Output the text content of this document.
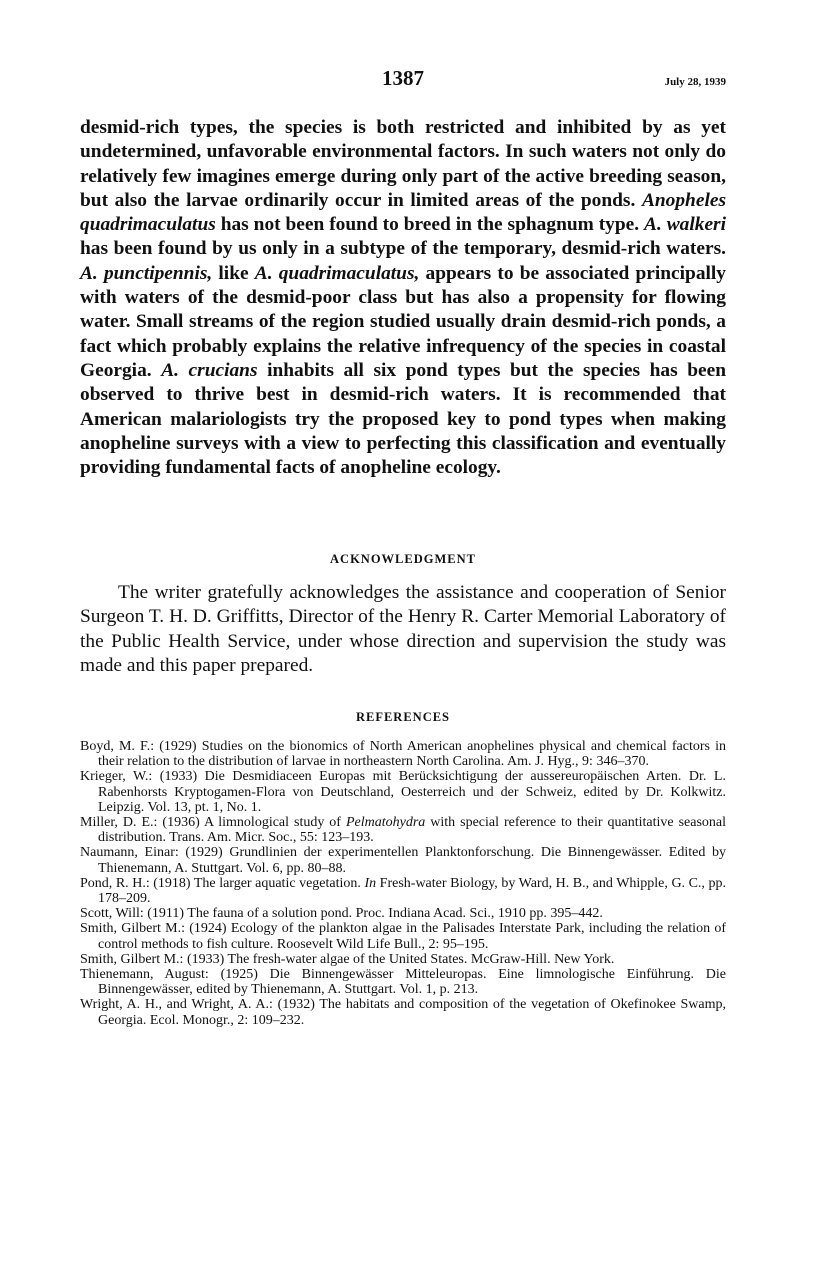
1387	July 28, 1939

desmid-rich types, the species is both restricted and inhibited by as yet undetermined, unfavorable environmental factors. In such waters not only do relatively few imagines emerge during only part of the active breeding season, but also the larvae ordinarily occur in limited areas of the ponds. Anopheles quadrimaculatus has not been found to breed in the sphagnum type. A. walkeri has been found by us only in a subtype of the temporary, desmid-rich waters. A. punctipennis, like A. quadrimaculatus, appears to be associated principally with waters of the desmid-poor class but has also a propensity for flowing water. Small streams of the region studied usually drain desmid-rich ponds, a fact which probably explains the relative infrequency of the species in coastal Georgia. A. crucians inhabits all six pond types but the species has been observed to thrive best in desmid-rich waters. It is recommended that American malariologists try the proposed key to pond types when making anopheline surveys with a view to perfecting this classification and eventually providing fundamental facts of anopheline ecology.

ACKNOWLEDGMENT
The writer gratefully acknowledges the assistance and cooperation of Senior Surgeon T. H. D. Griffitts, Director of the Henry R. Carter Memorial Laboratory of the Public Health Service, under whose direction and supervision the study was made and this paper prepared.
REFERENCES

Boyd, M. F.: (1929) Studies on the bionomics of North American anophelines physical and chemical factors in their relation to the distribution of larvae in northeastern North Carolina. Am. J. Hyg., 9: 346–370.

Krieger, W.: (1933) Die Desmidiaceen Europas mit Berücksichtigung der aussereuropäischen Arten. Dr. L. Rabenhorsts Kryptogamen-Flora von Deutschland, Oesterreich und der Schweiz, edited by Dr. Kolkwitz. Leipzig. Vol. 13, pt. 1, No. 1.

Miller, D. E.: (1936) A limnological study of Pelmatohydra with special reference to their quantitative seasonal distribution. Trans. Am. Micr. Soc., 55: 123–193.

Naumann, Einar: (1929) Grundlinien der experimentellen Planktonforschung. Die Binnengewässer. Edited by Thienemann, A. Stuttgart. Vol. 6, pp. 80–88.

Pond, R. H.: (1918) The larger aquatic vegetation. In Fresh-water Biology, by Ward, H. B., and Whipple, G. C., pp. 178–209.

Scott, Will: (1911) The fauna of a solution pond. Proc. Indiana Acad. Sci., 1910 pp. 395–442.

Smith, Gilbert M.: (1924) Ecology of the plankton algae in the Palisades Interstate Park, including the relation of control methods to fish culture. Roosevelt Wild Life Bull., 2: 95–195.

Smith, Gilbert M.: (1933) The fresh-water algae of the United States. McGraw-Hill. New York.

Thienemann, August: (1925) Die Binnengewässer Mitteleuropas. Eine limnologische Einführung. Die Binnengewässer, edited by Thienemann, A. Stuttgart. Vol. 1, p. 213.

Wright, A. H., and Wright, A. A.: (1932) The habitats and composition of the vegetation of Okefinokee Swamp, Georgia. Ecol. Monogr., 2: 109–232.
